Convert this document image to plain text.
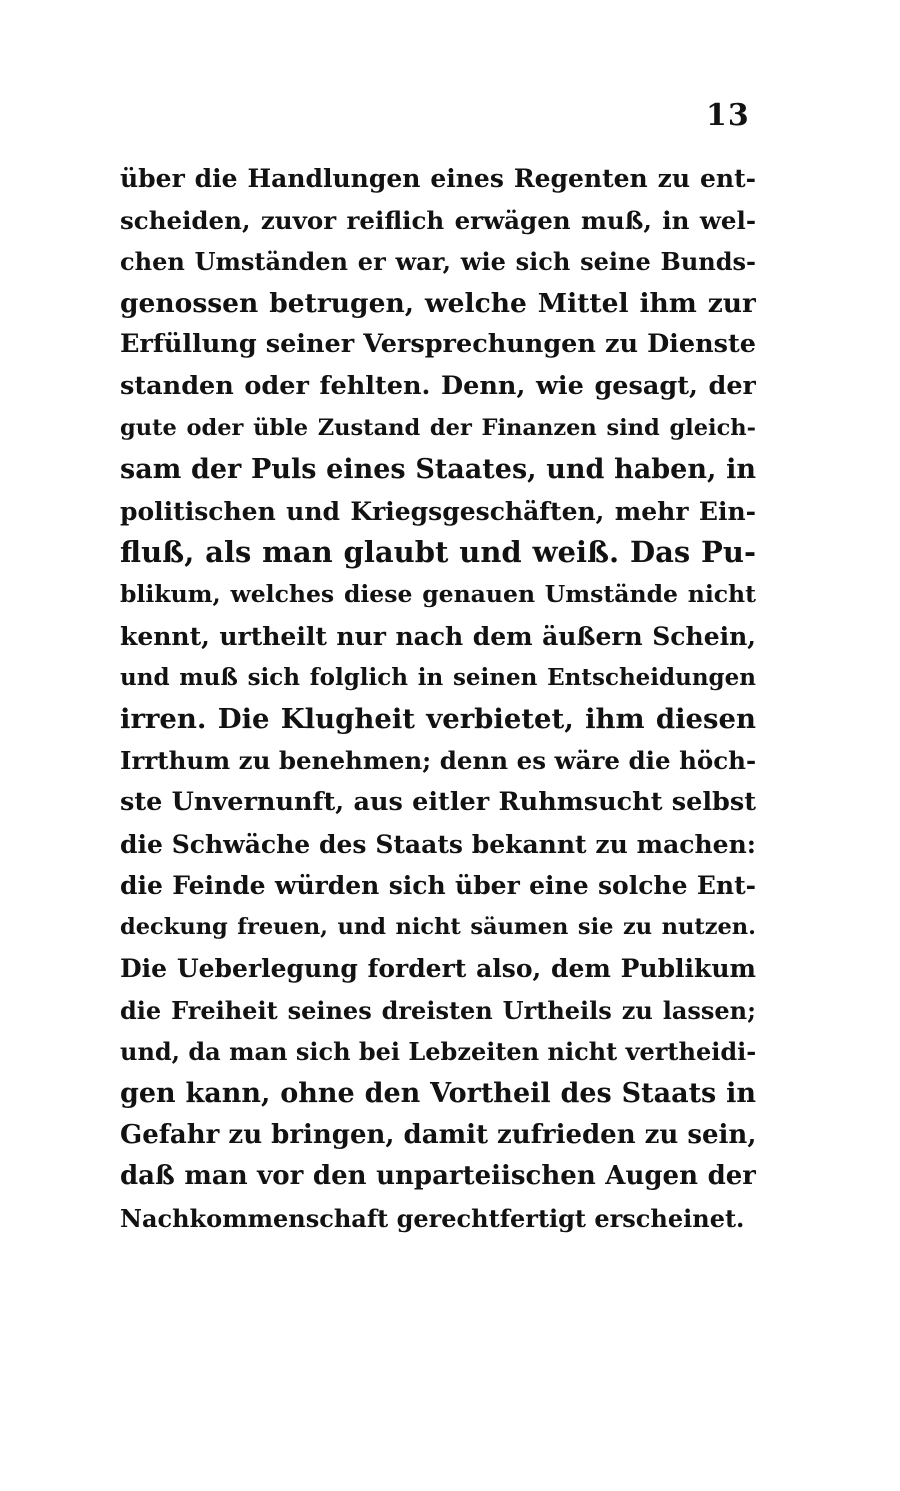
13
über die Handlungen eines Regenten zu ent-
scheiden, zuvor reiflich erwägen muß, in wel-
chen Umständen er war, wie sich seine Bunds-
genossen betrugen, welche Mittel ihm zur
Erfüllung seiner Versprechungen zu Dienste
standen oder fehlten. Denn, wie gesagt, der
gute oder üble Zustand der Finanzen sind gleich-
sam der Puls eines Staates, und haben, in
politischen und Kriegsgeschäften, mehr Ein-
fluß, als man glaubt und weiß. Das Pu-
blikum, welches diese genauen Umstände nicht
kennt, urtheilt nur nach dem äußern Schein,
und muß sich folglich in seinen Entscheidungen
irren. Die Klugheit verbietet, ihm diesen
Irrthum zu benehmen; denn es wäre die höch-
ste Unvernunft, aus eitler Ruhmsucht selbst
die Schwäche des Staats bekannt zu machen:
die Feinde würden sich über eine solche Ent-
deckung freuen, und nicht säumen sie zu nutzen.
Die Ueberlegung fordert also, dem Publikum
die Freiheit seines dreisten Urtheils zu lassen;
und, da man sich bei Lebzeiten nicht vertheidi-
gen kann, ohne den Vortheil des Staats in
Gefahr zu bringen, damit zufrieden zu sein,
daß man vor den unparteiischen Augen der
Nachkommenschaft gerechtfertigt erscheinet.
